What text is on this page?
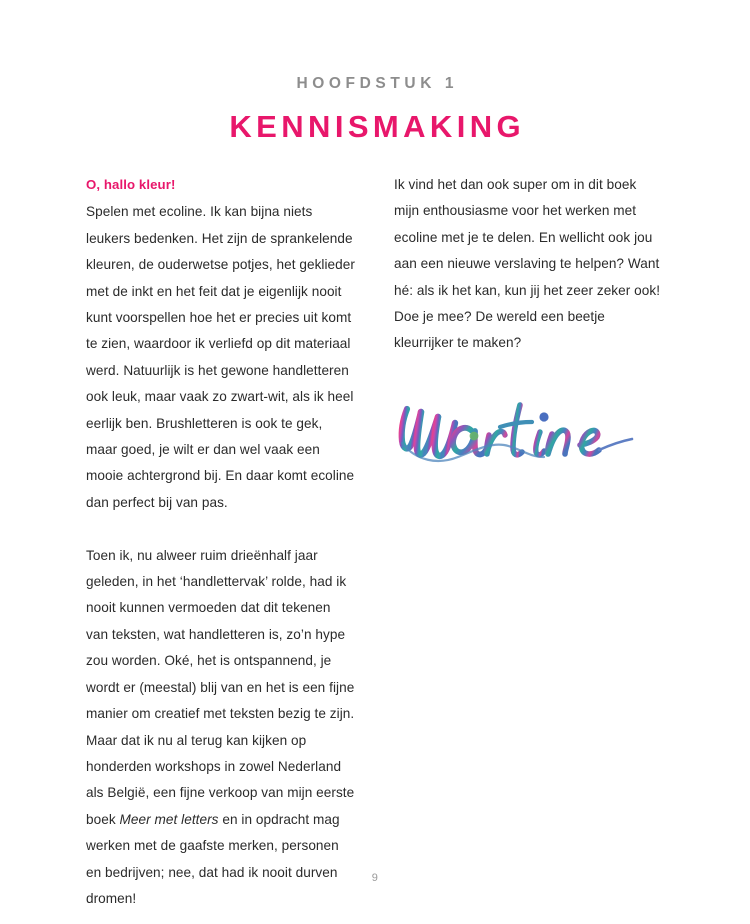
HOOFDSTUK 1

KENNISMAKING

O, hallo kleur!

Spelen met ecoline. Ik kan bijna niets leukers bedenken. Het zijn de sprankelende kleuren, de ouderwetse potjes, het geklieder met de inkt en het feit dat je eigenlijk nooit kunt voorspellen hoe het er precies uit komt te zien, waardoor ik verliefd op dit materiaal werd. Natuurlijk is het gewone handletteren ook leuk, maar vaak zo zwart-wit, als ik heel eerlijk ben. Brushletteren is ook te gek, maar goed, je wilt er dan wel vaak een mooie achtergrond bij. En daar komt ecoline dan perfect bij van pas.

Toen ik, nu alweer ruim drieënhalf jaar geleden, in het ‘handlettervak’ rolde, had ik nooit kunnen vermoeden dat dit tekenen van teksten, wat handletteren is, zo’n hype zou worden. Oké, het is ontspannend, je wordt er (meestal) blij van en het is een fijne manier om creatief met teksten bezig te zijn. Maar dat ik nu al terug kan kijken op honderden workshops in zowel Nederland als België, een fijne verkoop van mijn eerste boek Meer met letters en in opdracht mag werken met de gaafste merken, personen en bedrijven; nee, dat had ik nooit durven dromen!

Ik vind het dan ook super om in dit boek mijn enthousiasme voor het werken met ecoline met je te delen. En wellicht ook jou aan een nieuwe verslaving te helpen? Want hé: als ik het kan, kun jij het zeer zeker ook! Doe je mee? De wereld een beetje kleurrijker te maken?

9
